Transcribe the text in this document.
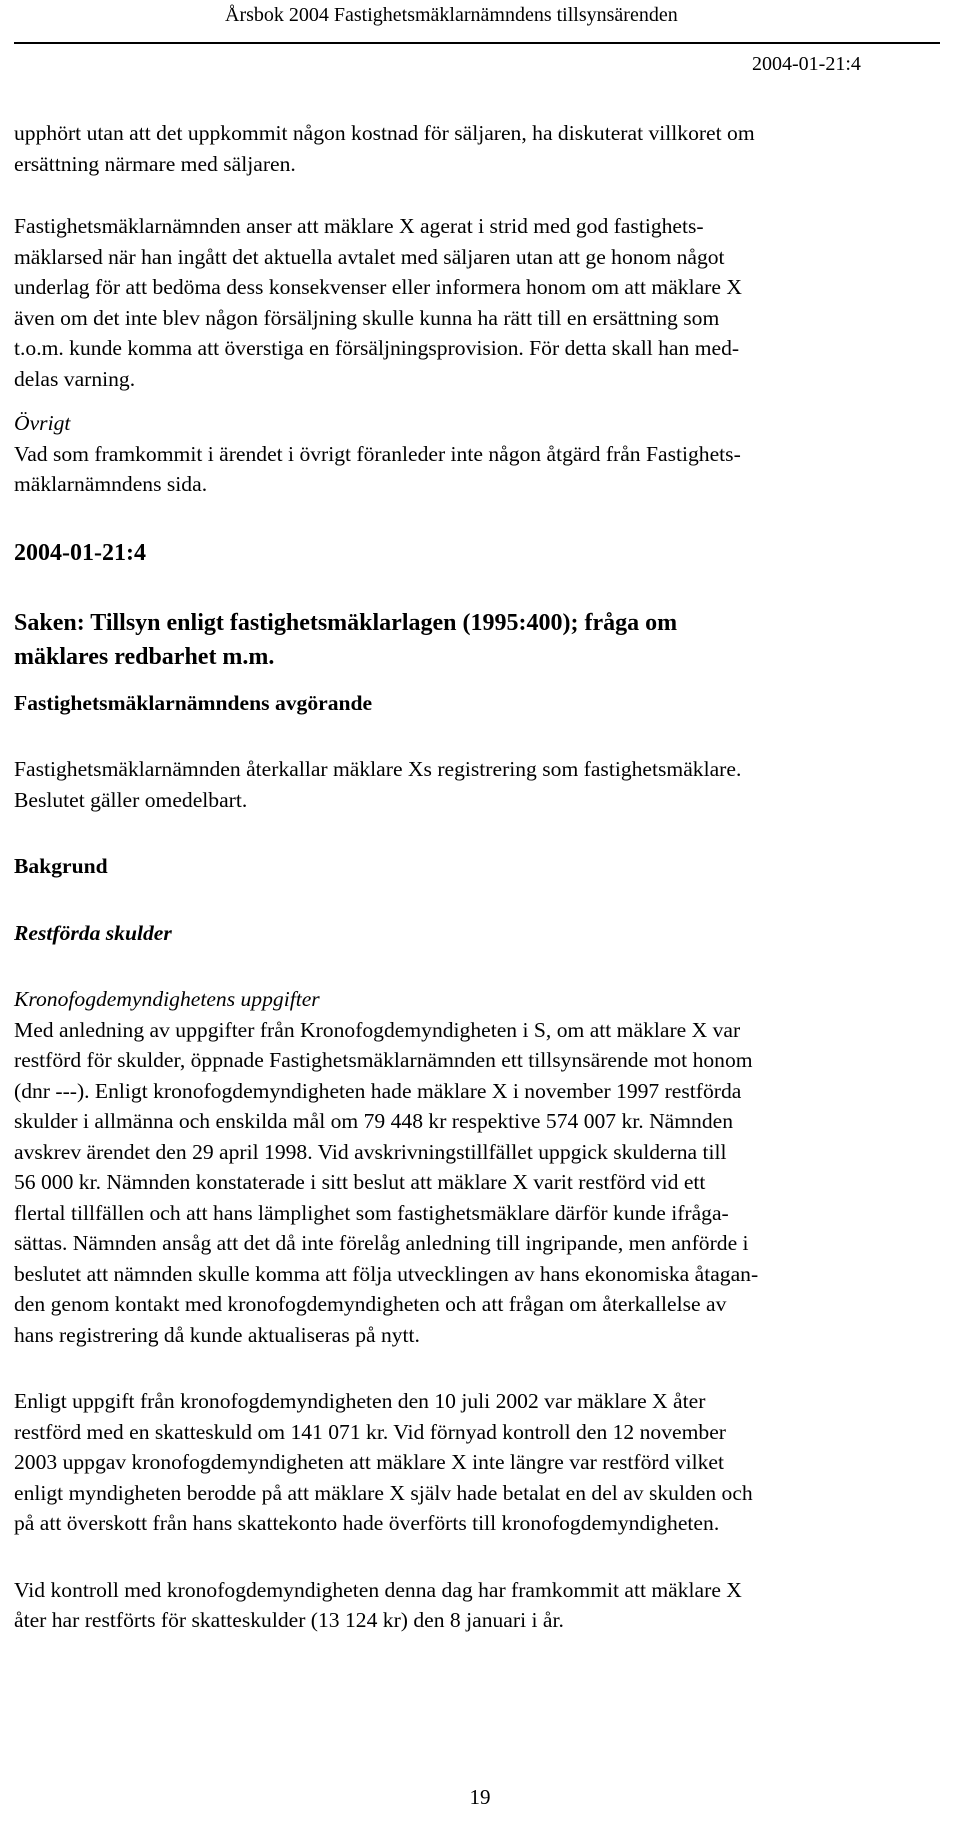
Årsbok 2004 Fastighetsmäklarnämndens tillsynsärenden
2004-01-21:4

upphört utan att det uppkommit någon kostnad för säljaren, ha diskuterat villkoret om
ersättning närmare med säljaren.

Fastighetsmäklarnämnden anser att mäklare X agerat i strid med god fastighets-
mäklarsed när han ingått det aktuella avtalet med säljaren utan att ge honom något
underlag för att bedöma dess konsekvenser eller informera honom om att mäklare X
även om det inte blev någon försäljning skulle kunna ha rätt till en ersättning som
t.o.m. kunde komma att överstiga en försäljningsprovision. För detta skall han med-
delas varning.

Övrigt
Vad som framkommit i ärendet i övrigt föranleder inte någon åtgärd från Fastighets-
mäklarnämndens sida.

2004-01-21:4

Saken: Tillsyn enligt fastighetsmäklarlagen (1995:400); fråga om
mäklares redbarhet m.m.

Fastighetsmäklarnämndens avgörande

Fastighetsmäklarnämnden återkallar mäklare Xs registrering som fastighetsmäklare.
Beslutet gäller omedelbart.

Bakgrund

Restförda skulder

Kronofogdemyndighetens uppgifter
Med anledning av uppgifter från Kronofogdemyndigheten i S, om att mäklare X var
restförd för skulder, öppnade Fastighetsmäklarnämnden ett tillsynsärende mot honom
(dnr ---). Enligt kronofogdemyndigheten hade mäklare X i november 1997 restförda
skulder i allmänna och enskilda mål om 79 448 kr respektive 574 007 kr. Nämnden
avskrev ärendet den 29 april 1998. Vid avskrivningstillfället uppgick skulderna till
56 000 kr. Nämnden konstaterade i sitt beslut att mäklare X varit restförd vid ett
flertal tillfällen och att hans lämplighet som fastighetsmäklare därför kunde ifråga-
sättas. Nämnden ansåg att det då inte förelåg anledning till ingripande, men anförde i
beslutet att nämnden skulle komma att följa utvecklingen av hans ekonomiska åtagan-
den genom kontakt med kronofogdemyndigheten och att frågan om återkallelse av
hans registrering då kunde aktualiseras på nytt.

Enligt uppgift från kronofogdemyndigheten den 10 juli 2002 var mäklare X åter
restförd med en skatteskuld om 141 071 kr. Vid förnyad kontroll den 12 november
2003 uppgav kronofogdemyndigheten att mäklare X inte längre var restförd vilket
enligt myndigheten berodde på att mäklare X själv hade betalat en del av skulden och
på att överskott från hans skattekonto hade överförts till kronofogdemyndigheten.

Vid kontroll med kronofogdemyndigheten denna dag har framkommit att mäklare X
åter har restförts för skatteskulder (13 124 kr) den 8 januari i år.

19
